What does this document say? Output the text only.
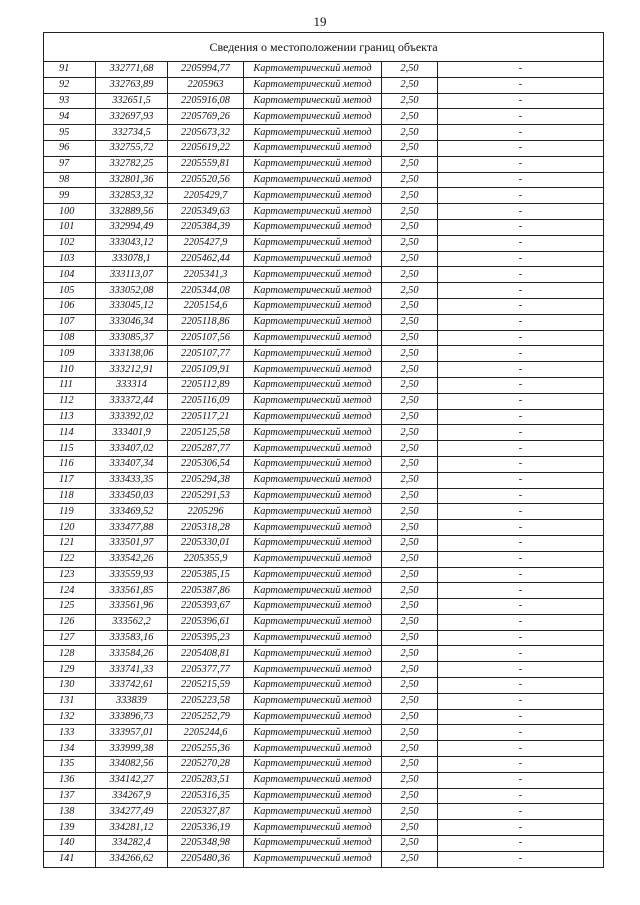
19
Сведения о местоположении границ объекта					
91	332771,68	2205994,77	Картометрический метод	2,50	-
92	332763,89	2205963	Картометрический метод	2,50	-
93	332651,5	2205916,08	Картометрический метод	2,50	-
94	332697,93	2205769,26	Картометрический метод	2,50	-
95	332734,5	2205673,32	Картометрический метод	2,50	-
96	332755,72	2205619,22	Картометрический метод	2,50	-
97	332782,25	2205559,81	Картометрический метод	2,50	-
98	332801,36	2205520,56	Картометрический метод	2,50	-
99	332853,32	2205429,7	Картометрический метод	2,50	-
100	332889,56	2205349,63	Картометрический метод	2,50	-
101	332994,49	2205384,39	Картометрический метод	2,50	-
102	333043,12	2205427,9	Картометрический метод	2,50	-
103	333078,1	2205462,44	Картометрический метод	2,50	-
104	333113,07	2205341,3	Картометрический метод	2,50	-
105	333052,08	2205344,08	Картометрический метод	2,50	-
106	333045,12	2205154,6	Картометрический метод	2,50	-
107	333046,34	2205118,86	Картометрический метод	2,50	-
108	333085,37	2205107,56	Картометрический метод	2,50	-
109	333138,06	2205107,77	Картометрический метод	2,50	-
110	333212,91	2205109,91	Картометрический метод	2,50	-
111	333314	2205112,89	Картометрический метод	2,50	-
112	333372,44	2205116,09	Картометрический метод	2,50	-
113	333392,02	2205117,21	Картометрический метод	2,50	-
114	333401,9	2205125,58	Картометрический метод	2,50	-
115	333407,02	2205287,77	Картометрический метод	2,50	-
116	333407,34	2205306,54	Картометрический метод	2,50	-
117	333433,35	2205294,38	Картометрический метод	2,50	-
118	333450,03	2205291,53	Картометрический метод	2,50	-
119	333469,52	2205296	Картометрический метод	2,50	-
120	333477,88	2205318,28	Картометрический метод	2,50	-
121	333501,97	2205330,01	Картометрический метод	2,50	-
122	333542,26	2205355,9	Картометрический метод	2,50	-
123	333559,93	2205385,15	Картометрический метод	2,50	-
124	333561,85	2205387,86	Картометрический метод	2,50	-
125	333561,96	2205393,67	Картометрический метод	2,50	-
126	333562,2	2205396,61	Картометрический метод	2,50	-
127	333583,16	2205395,23	Картометрический метод	2,50	-
128	333584,26	2205408,81	Картометрический метод	2,50	-
129	333741,33	2205377,77	Картометрический метод	2,50	-
130	333742,61	2205215,59	Картометрический метод	2,50	-
131	333839	2205223,58	Картометрический метод	2,50	-
132	333896,73	2205252,79	Картометрический метод	2,50	-
133	333957,01	2205244,6	Картометрический метод	2,50	-
134	333999,38	2205255,36	Картометрический метод	2,50	-
135	334082,56	2205270,28	Картометрический метод	2,50	-
136	334142,27	2205283,51	Картометрический метод	2,50	-
137	334267,9	2205316,35	Картометрический метод	2,50	-
138	334277,49	2205327,87	Картометрический метод	2,50	-
139	334281,12	2205336,19	Картометрический метод	2,50	-
140	334282,4	2205348,98	Картометрический метод	2,50	-
141	334266,62	2205480,36	Картометрический метод	2,50	-
